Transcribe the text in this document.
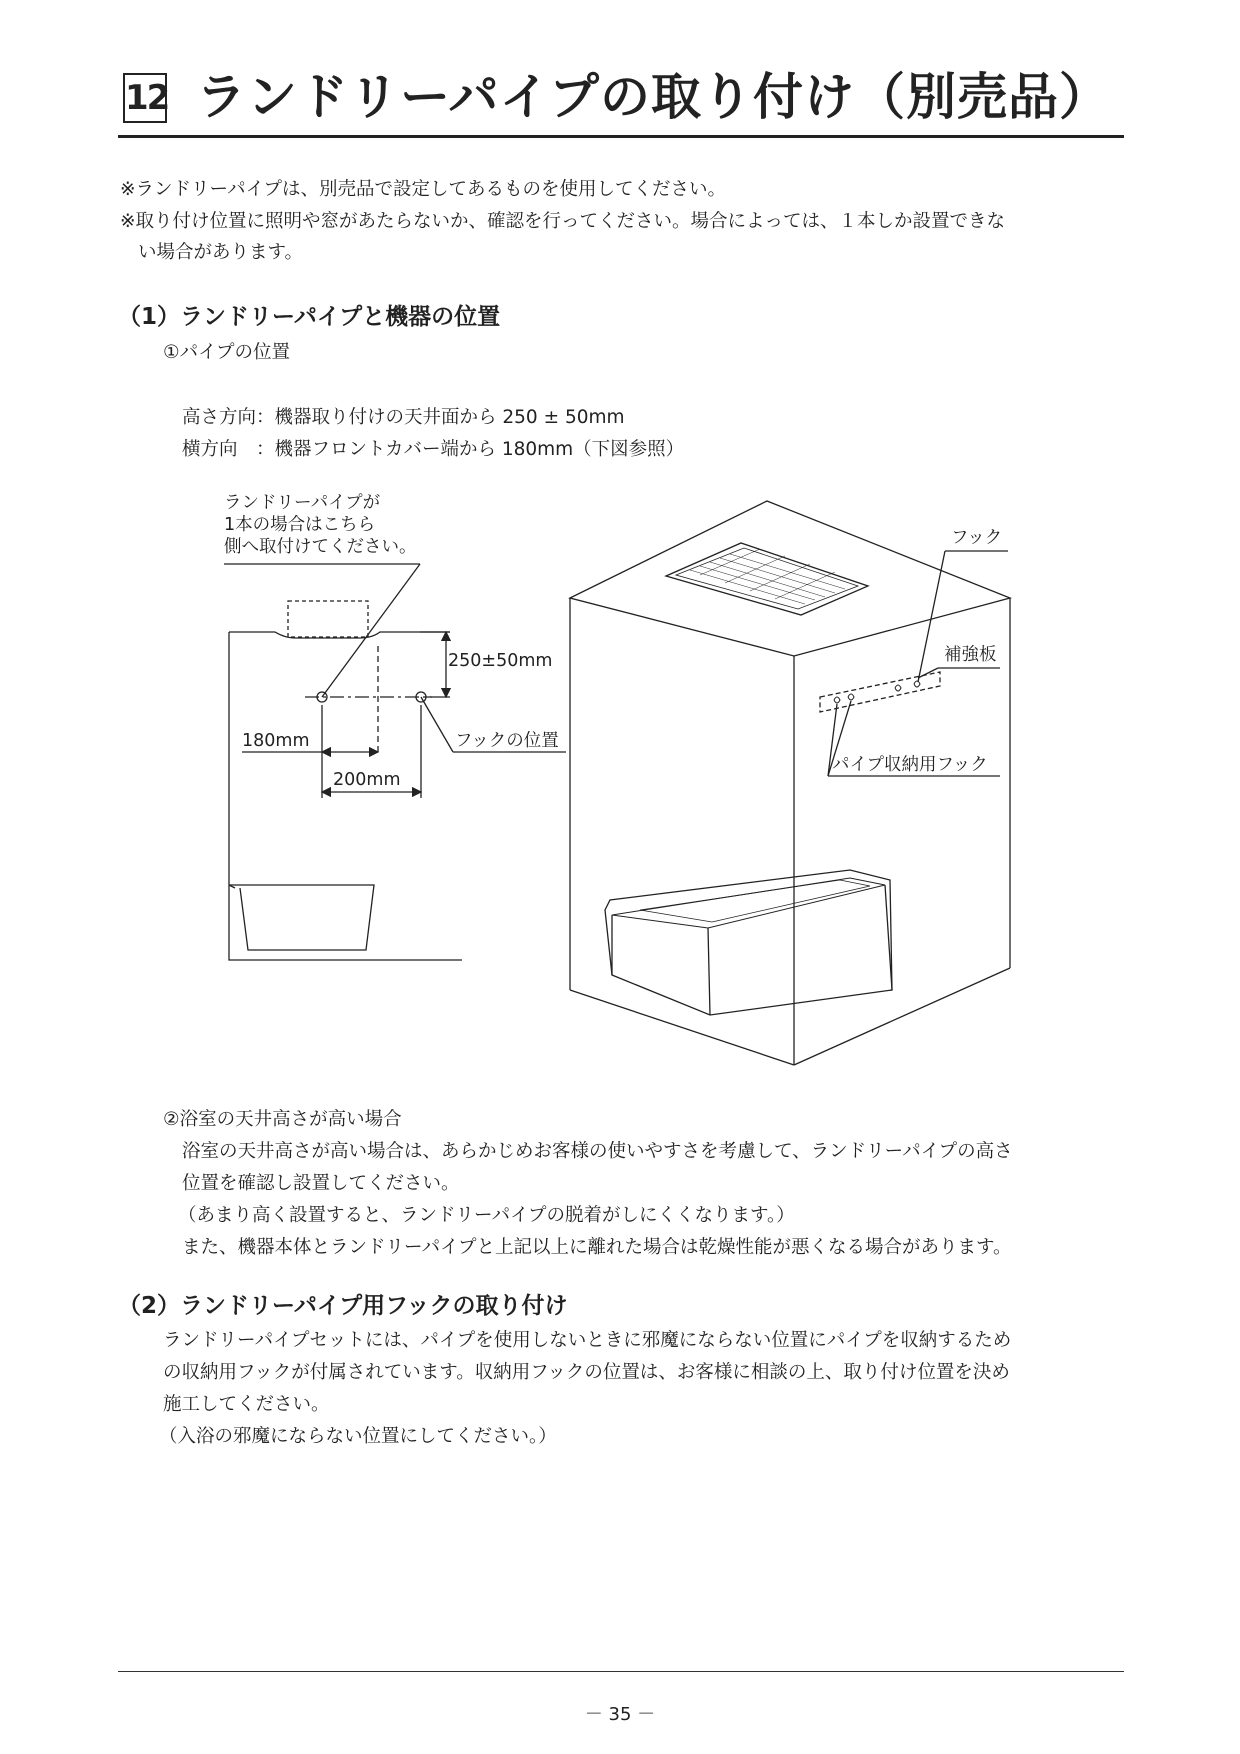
12 ランドリーパイプの取り付け（別売品）
※ランドリーパイプは、別売品で設定してあるものを使用してください。
※取り付け位置に照明や窓があたらないか、確認を行ってください。場合によっては、１本しか設置できな
い場合があります。
（1）ランドリーパイプと機器の位置
①パイプの位置
高さ方向：機器取り付けの天井面から 250 ± 50mm
横方向　：機器フロントカバー端から 180mm（下図参照）
ランドリーパイプが
1本の場合はこちら
側へ取付けてください。
250±50mm
180mm
200mm
フックの位置
フック
補強板
パイプ収納用フック
②浴室の天井高さが高い場合
浴室の天井高さが高い場合は、あらかじめお客様の使いやすさを考慮して、ランドリーパイプの高さ
位置を確認し設置してください。
（あまり高く設置すると、ランドリーパイプの脱着がしにくくなります。）
また、機器本体とランドリーパイプと上記以上に離れた場合は乾燥性能が悪くなる場合があります。
（2）ランドリーパイプ用フックの取り付け
ランドリーパイプセットには、パイプを使用しないときに邪魔にならない位置にパイプを収納するため
の収納用フックが付属されています。収納用フックの位置は、お客様に相談の上、取り付け位置を決め
施工してください。
（入浴の邪魔にならない位置にしてください。）
－ 35 －
